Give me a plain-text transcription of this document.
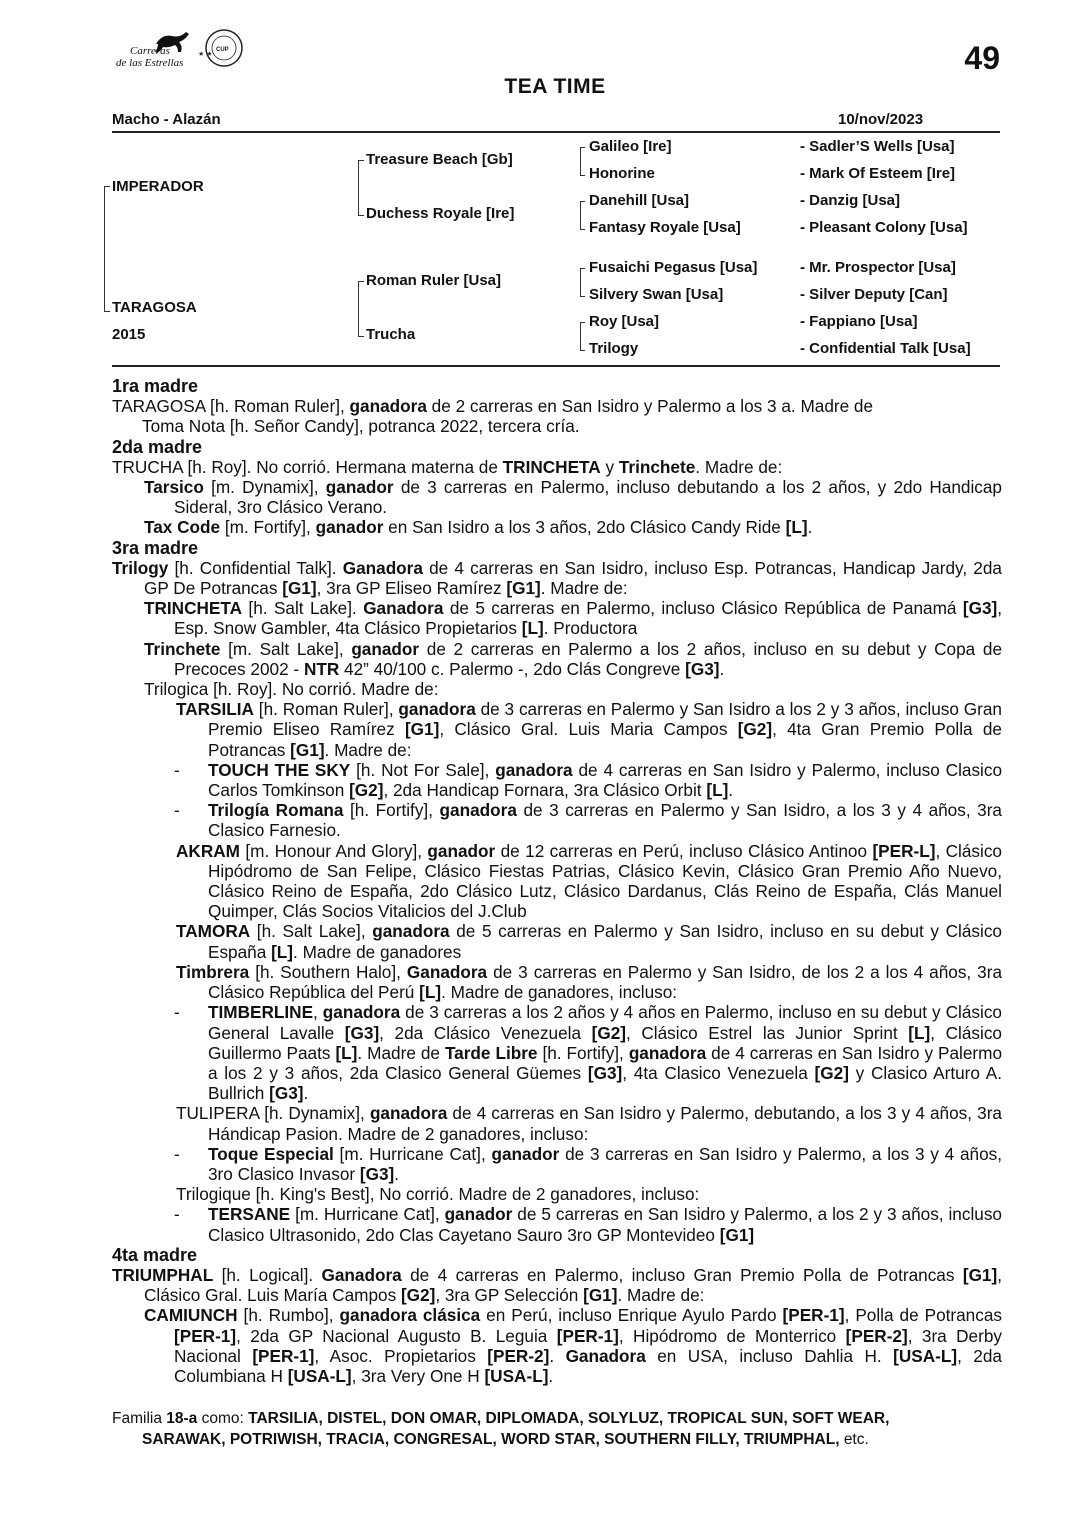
CUP
★ ★
Carreras
de las Estrellas	49
TEA TIME
Macho - Alazán	10/nov/2023
IMPERADOR
TARAGOSA
2015
Treasure Beach [Gb]
Duchess Royale [Ire]
Roman Ruler [Usa]
Trucha
Galileo [Ire]
Honorine
Danehill [Usa]
Fantasy Royale [Usa]
Fusaichi Pegasus [Usa]
Silvery Swan [Usa]
Roy [Usa]
Trilogy
- Sadler’S Wells [Usa]
- Mark Of Esteem [Ire]
- Danzig [Usa]
- Pleasant Colony [Usa]
- Mr. Prospector [Usa]
- Silver Deputy [Can]
- Fappiano [Usa]
- Confidential Talk [Usa]

1ra madre

TARAGOSA [h. Roman Ruler], ganadora de 2 carreras en San Isidro y Palermo a los 3 a. Madre de

Toma Nota [h. Señor Candy], potranca 2022, tercera cría.

2da madre

TRUCHA [h. Roy]. No corrió. Hermana materna de TRINCHETA y Trinchete. Madre de:

Tarsico [m. Dynamix], ganador de 3 carreras en Palermo, incluso debutando a los 2 años, y 2do Handicap Sideral, 3ro Clásico Verano.

Tax Code [m. Fortify], ganador en San Isidro a los 3 años, 2do Clásico Candy Ride [L].

3ra madre

Trilogy [h. Confidential Talk]. Ganadora de 4 carreras en San Isidro, incluso Esp. Potrancas, Handicap Jardy, 2da GP De Potrancas [G1], 3ra GP Eliseo Ramírez [G1]. Madre de:

TRINCHETA [h. Salt Lake]. Ganadora de 5 carreras en Palermo, incluso Clásico República de Panamá [G3], Esp. Snow Gambler, 4ta Clásico Propietarios [L]. Productora

Trinchete [m. Salt Lake], ganador de 2 carreras en Palermo a los 2 años, incluso en su debut y Copa de Precoces 2002 - NTR 42” 40/100 c. Palermo -, 2do Clás Congreve [G3].

Trilogica [h. Roy]. No corrió. Madre de:

TARSILIA [h. Roman Ruler], ganadora de 3 carreras en Palermo y San Isidro a los 2 y 3 años, incluso Gran Premio Eliseo Ramírez [G1], Clásico Gral. Luis Maria Campos [G2], 4ta Gran Premio Polla de Potrancas [G1]. Madre de:

- TOUCH THE SKY [h. Not For Sale], ganadora de 4 carreras en San Isidro y Palermo, incluso Clasico Carlos Tomkinson [G2], 2da Handicap Fornara, 3ra Clásico Orbit [L].

- Trilogía Romana [h. Fortify], ganadora de 3 carreras en Palermo y San Isidro, a los 3 y 4 años, 3ra Clasico Farnesio.

AKRAM [m. Honour And Glory], ganador de 12 carreras en Perú, incluso Clásico Antinoo [PER-L], Clásico Hipódromo de San Felipe, Clásico Fiestas Patrias, Clásico Kevin, Clásico Gran Premio Año Nuevo, Clásico Reino de España, 2do Clásico Lutz, Clásico Dardanus, Clás Reino de España, Clás Manuel Quimper, Clás Socios Vitalicios del J.Club

TAMORA [h. Salt Lake], ganadora de 5 carreras en Palermo y San Isidro, incluso en su debut y Clásico España [L]. Madre de ganadores

Timbrera [h. Southern Halo], Ganadora de 3 carreras en Palermo y San Isidro, de los 2 a los 4 años, 3ra Clásico República del Perú [L]. Madre de ganadores, incluso:

- TIMBERLINE, ganadora de 3 carreras a los 2 años y 4 años en Palermo, incluso en su debut y Clásico General Lavalle [G3], 2da Clásico Venezuela [G2], Clásico Estrel las Junior Sprint [L], Clásico Guillermo Paats [L]. Madre de Tarde Libre [h. Fortify], ganadora de 4 carreras en San Isidro y Palermo a los 2 y 3 años, 2da Clasico General Güemes [G3], 4ta Clasico Venezuela [G2] y Clasico Arturo A. Bullrich [G3].

TULIPERA [h. Dynamix], ganadora de 4 carreras en San Isidro y Palermo, debutando, a los 3 y 4 años, 3ra Hándicap Pasion. Madre de 2 ganadores, incluso:

- Toque Especial [m. Hurricane Cat], ganador de 3 carreras en San Isidro y Palermo, a los 3 y 4 años, 3ro Clasico Invasor [G3].

Trilogique [h. King's Best], No corrió. Madre de 2 ganadores, incluso:

- TERSANE [m. Hurricane Cat], ganador de 5 carreras en San Isidro y Palermo, a los 2 y 3 años, incluso Clasico Ultrasonido, 2do Clas Cayetano Sauro 3ro GP Montevideo [G1]

4ta madre

TRIUMPHAL [h. Logical]. Ganadora de 4 carreras en Palermo, incluso Gran Premio Polla de Potrancas [G1], Clásico Gral. Luis María Campos [G2], 3ra GP Selección [G1]. Madre de:

CAMIUNCH [h. Rumbo], ganadora clásica en Perú, incluso Enrique Ayulo Pardo [PER-1], Polla de Potrancas [PER-1], 2da GP Nacional Augusto B. Leguia [PER-1], Hipódromo de Monterrico [PER-2], 3ra Derby Nacional [PER-1], Asoc. Propietarios [PER-2]. Ganadora en USA, incluso Dahlia H. [USA-L], 2da Columbiana H [USA-L], 3ra Very One H [USA-L].

Familia 18-a como: TARSILIA, DISTEL, DON OMAR, DIPLOMADA, SOLYLUZ, TROPICAL SUN, SOFT WEAR,
SARAWAK, POTRIWISH, TRACIA, CONGRESAL, WORD STAR, SOUTHERN FILLY, TRIUMPHAL, etc.
